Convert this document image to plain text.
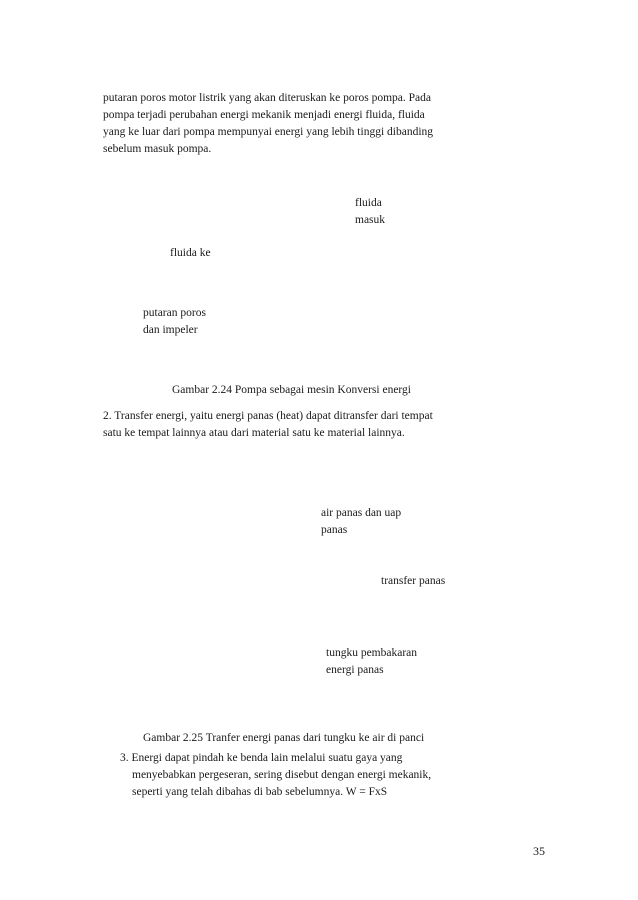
putaran poros motor listrik yang akan diteruskan ke poros pompa. Pada
pompa terjadi perubahan energi mekanik menjadi energi fluida, fluida
yang ke luar dari pompa mempunyai energi yang lebih tinggi dibanding
sebelum masuk pompa.
fluida
masuk
fluida ke
putaran poros
dan impeler
Gambar 2.24 Pompa sebagai mesin Konversi energi
2. Transfer energi, yaitu energi panas (heat) dapat ditransfer dari tempat
satu ke tempat lainnya atau dari material satu ke material lainnya.
air panas dan uap
panas
transfer panas
tungku pembakaran
energi panas
Gambar 2.25 Tranfer energi panas dari tungku ke air di panci
3. Energi dapat pindah ke benda lain melalui suatu gaya yang
menyebabkan pergeseran, sering disebut dengan energi mekanik,
seperti yang telah dibahas di bab sebelumnya. W = FxS
35
